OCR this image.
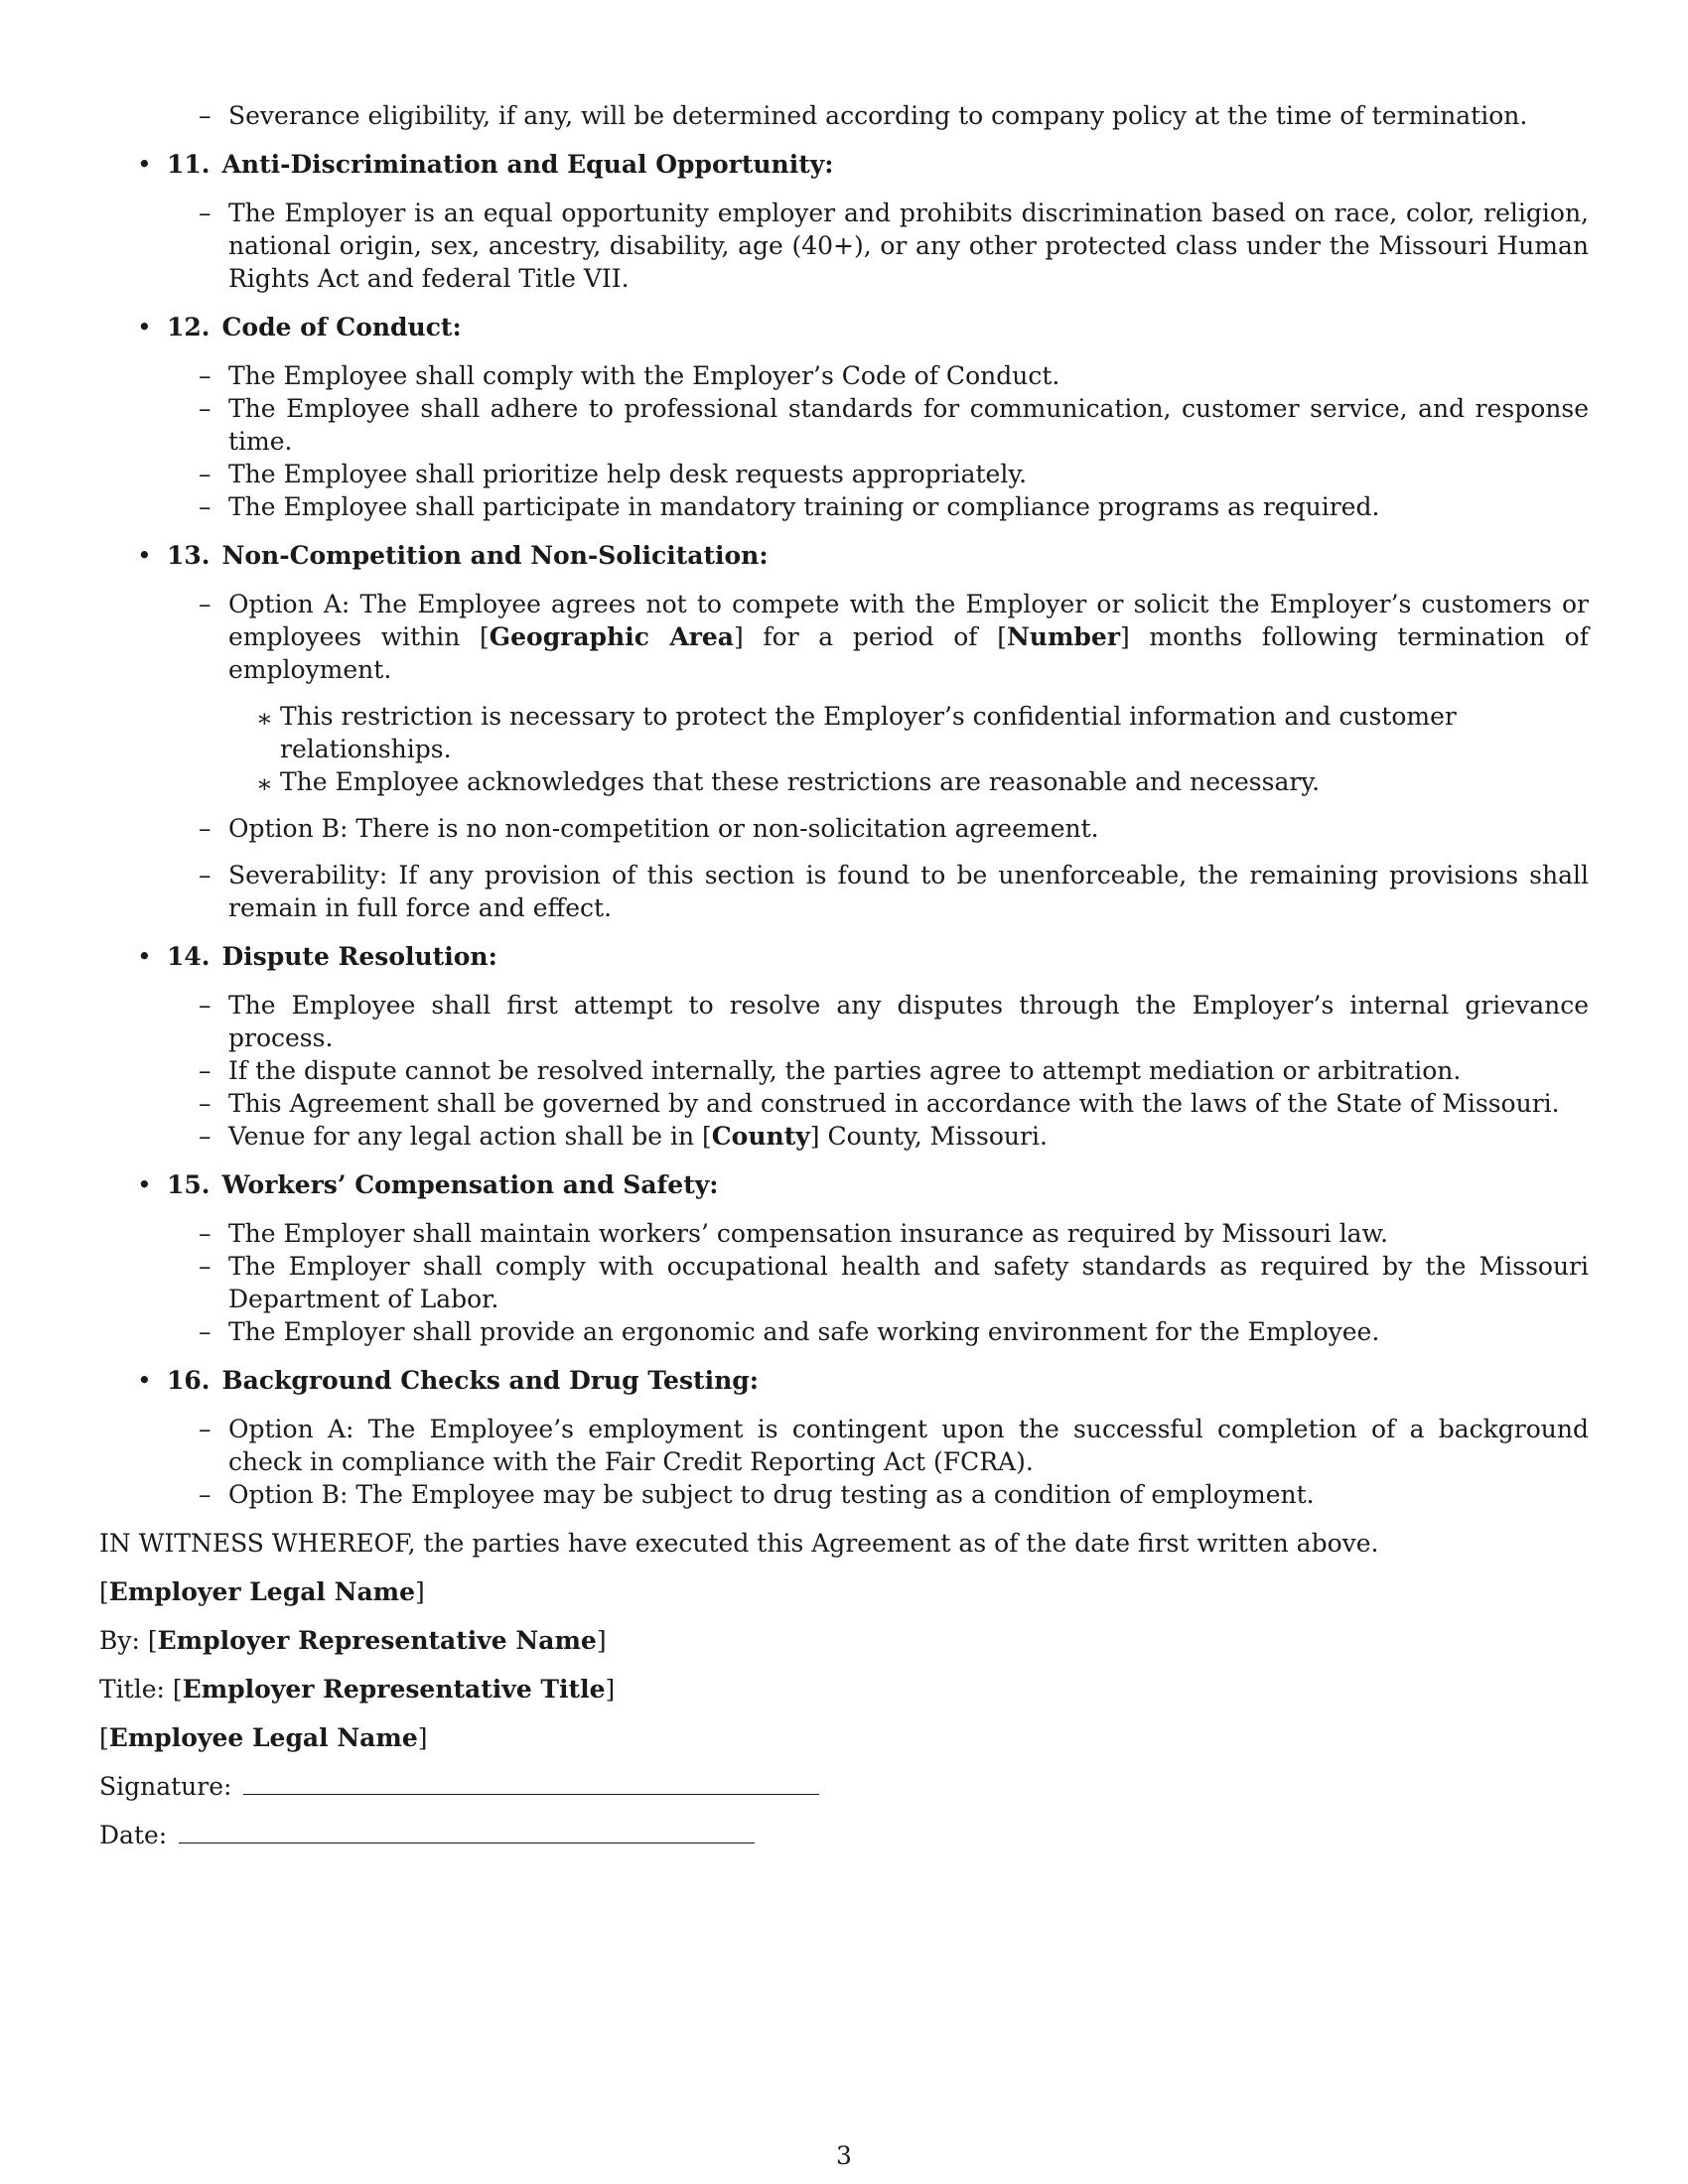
– Severance eligibility, if any, will be determined according to company policy at the time of termination.
• 11. Anti-Discrimination and Equal Opportunity:
– The Employer is an equal opportunity employer and prohibits discrimination based on race, color, religion, national origin, sex, ancestry, disability, age (40+), or any other protected class under the Missouri Human Rights Act and federal Title VII.
• 12. Code of Conduct:
– The Employee shall comply with the Employer’s Code of Conduct.
– The Employee shall adhere to professional standards for communication, customer service, and response time.
– The Employee shall prioritize help desk requests appropriately.
– The Employee shall participate in mandatory training or compliance programs as required.
• 13. Non-Competition and Non-Solicitation:
– Option A: The Employee agrees not to compete with the Employer or solicit the Employer’s customers or employees within [Geographic Area] for a period of [Number] months following termination of employment.
∗ This restriction is necessary to protect the Employer’s confidential information and customer relationships.
∗ The Employee acknowledges that these restrictions are reasonable and necessary.
– Option B: There is no non-competition or non-solicitation agreement.
– Severability: If any provision of this section is found to be unenforceable, the remaining provisions shall remain in full force and effect.
• 14. Dispute Resolution:
– The Employee shall first attempt to resolve any disputes through the Employer’s internal grievance process.
– If the dispute cannot be resolved internally, the parties agree to attempt mediation or arbitration.
– This Agreement shall be governed by and construed in accordance with the laws of the State of Missouri.
– Venue for any legal action shall be in [County] County, Missouri.
• 15. Workers’ Compensation and Safety:
– The Employer shall maintain workers’ compensation insurance as required by Missouri law.
– The Employer shall comply with occupational health and safety standards as required by the Missouri Department of Labor.
– The Employer shall provide an ergonomic and safe working environment for the Employee.
• 16. Background Checks and Drug Testing:
– Option A: The Employee’s employment is contingent upon the successful completion of a background check in compliance with the Fair Credit Reporting Act (FCRA).
– Option B: The Employee may be subject to drug testing as a condition of employment.
IN WITNESS WHEREOF, the parties have executed this Agreement as of the date first written above.
[Employer Legal Name]
By: [Employer Representative Name]
Title: [Employer Representative Title]
[Employee Legal Name]
Signature:
Date:
3
